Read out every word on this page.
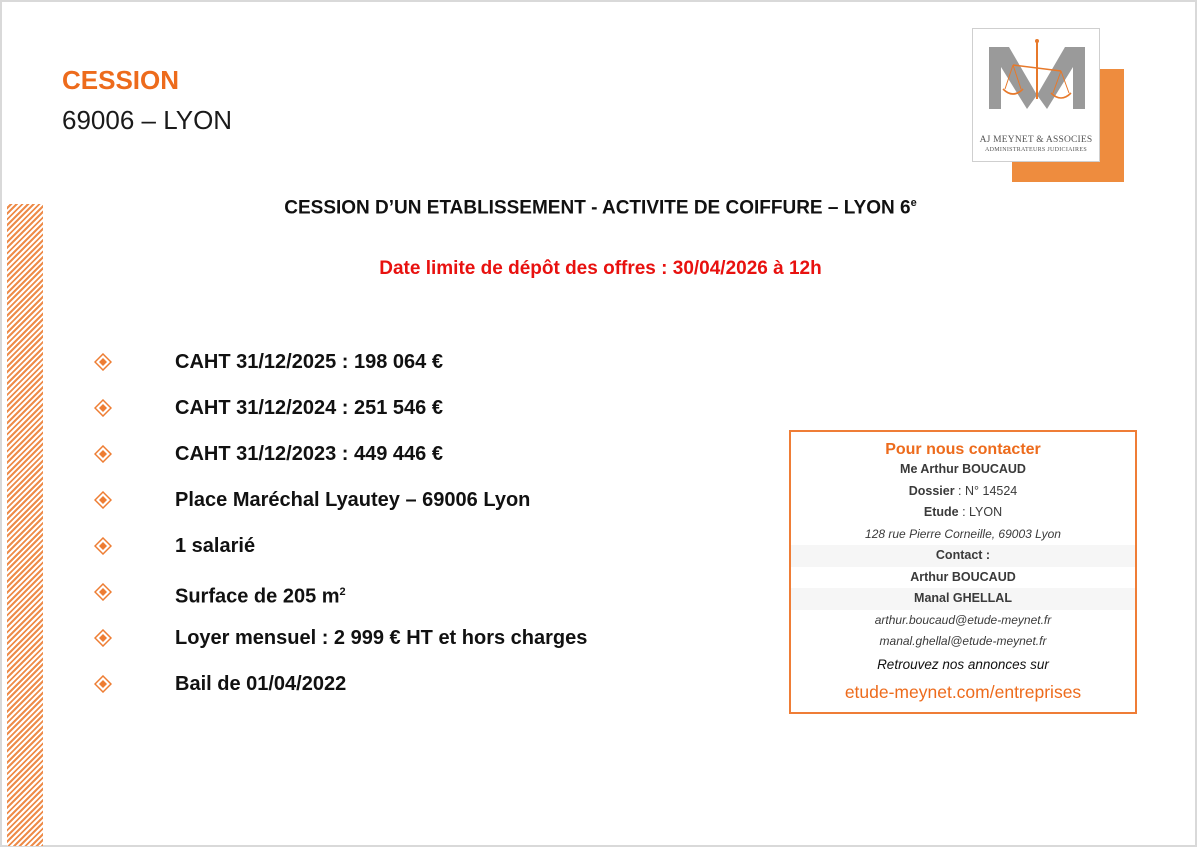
CESSION
69006 – LYON
AJ MEYNET & ASSOCIES
ADMINISTRATEURS JUDICIAIRES
CESSION D’UN ETABLISSEMENT - ACTIVITE DE COIFFURE – LYON 6e
Date limite de dépôt des offres : 30/04/2026 à 12h
CAHT 31/12/2025 : 198 064 €
CAHT 31/12/2024 : 251 546 €
CAHT 31/12/2023 : 449 446 €
Place Maréchal Lyautey – 69006 Lyon
1 salarié
Surface de 205 $m^2$
Loyer mensuel : 2 999 € HT et hors charges
Bail de 01/04/2022
Pour nous contacter
Me Arthur BOUCAUD
Dossier : N° 14524
Etude : LYON
128 rue Pierre Corneille, 69003 Lyon
Contact :
Arthur BOUCAUD
Manal GHELLAL
arthur.boucaud@etude-meynet.fr
manal.ghellal@etude-meynet.fr
Retrouvez nos annonces sur
etude-meynet.com/entreprises
